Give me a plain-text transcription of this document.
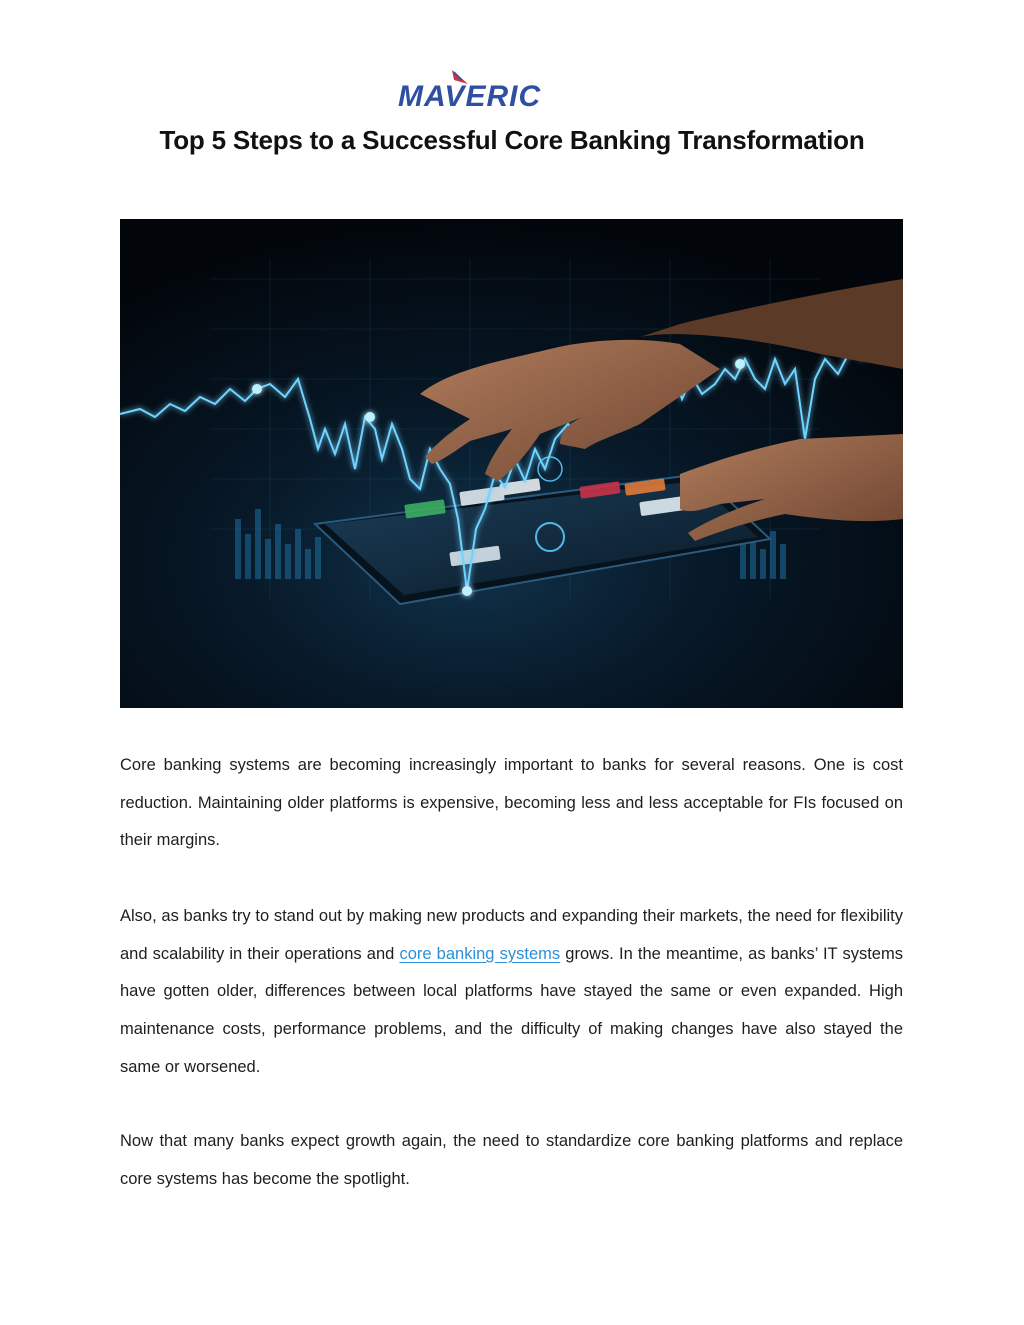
MAVERIC
Top 5 Steps to a Successful Core Banking Transformation

Core banking systems are becoming increasingly important to banks for several reasons. One is cost reduction. Maintaining older platforms is expensive, becoming less and less acceptable for FIs focused on their margins.

Also, as banks try to stand out by making new products and expanding their markets, the need for flexibility and scalability in their operations and core banking systems grows. In the meantime, as banks’ IT systems have gotten older, differences between local platforms have stayed the same or even expanded. High maintenance costs, performance problems, and the difficulty of making changes have also stayed the same or worsened.

Now that many banks expect growth again, the need to standardize core banking platforms and replace core systems has become the spotlight.
